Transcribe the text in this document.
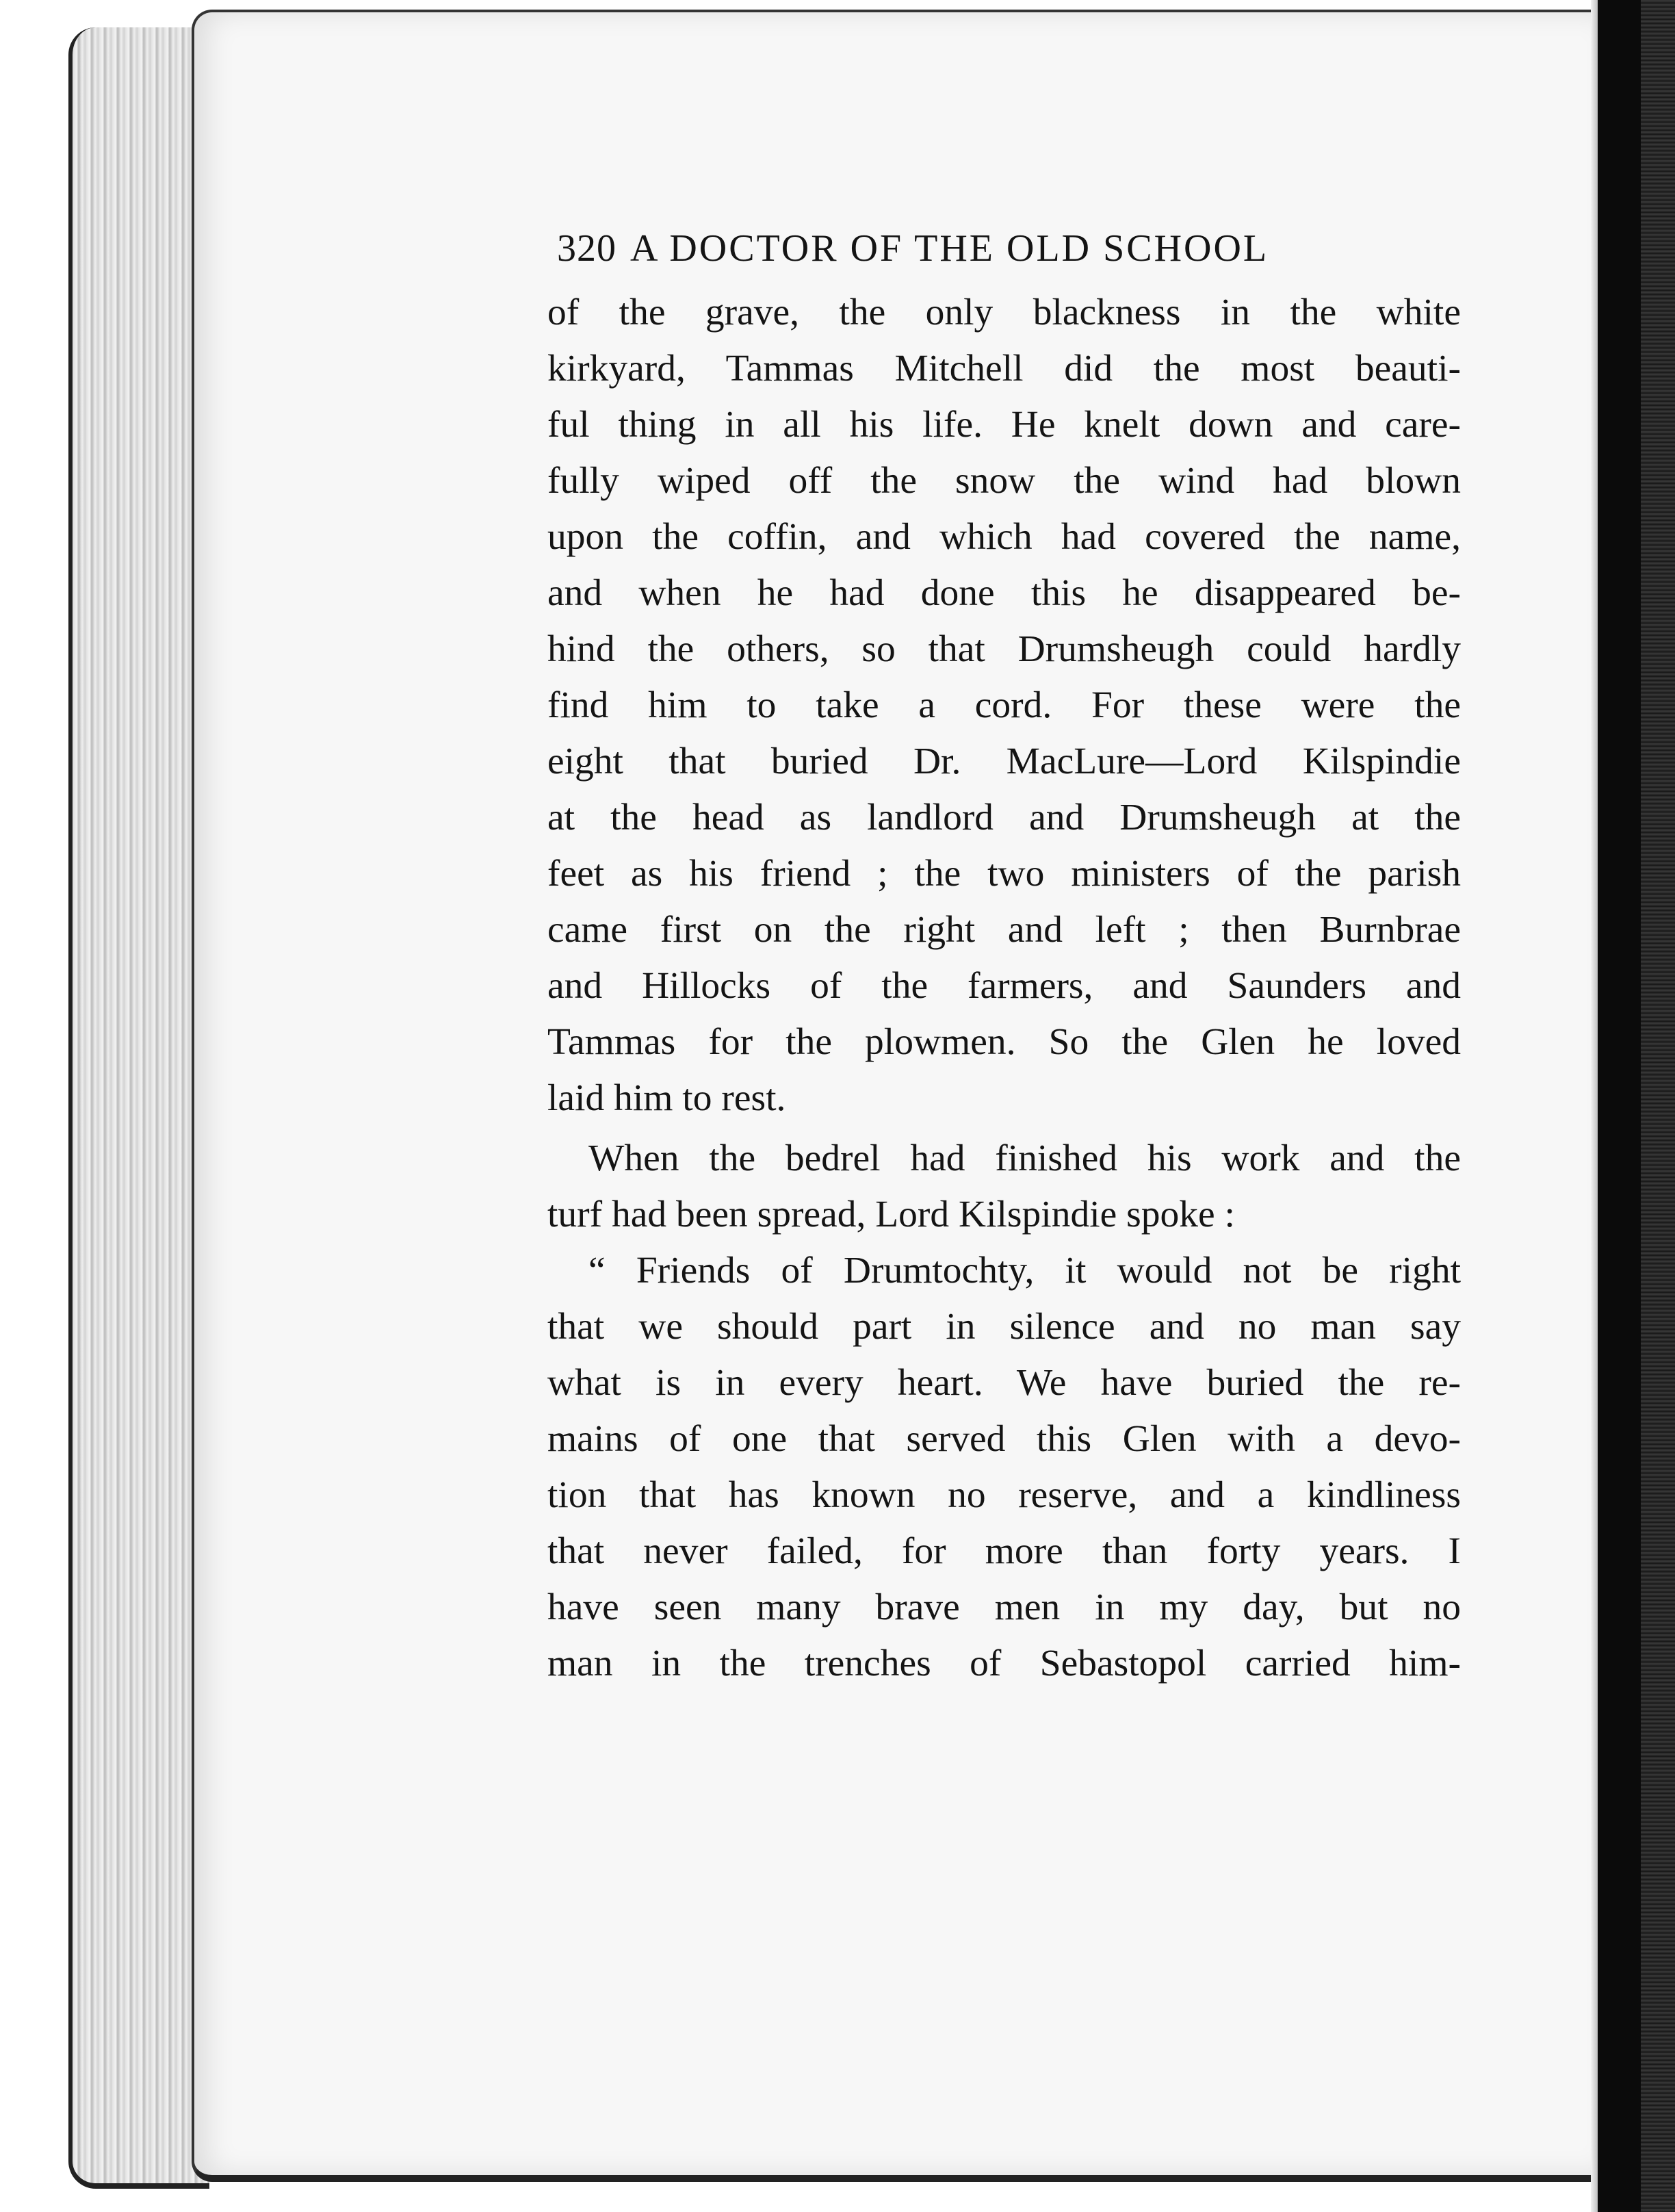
320 A DOCTOR OF THE OLD SCHOOL
of the grave, the only blackness in the white
kirkyard, Tammas Mitchell did the most beauti-
ful thing in all his life. He knelt down and care-
fully wiped off the snow the wind had blown
upon the coffin, and which had covered the name,
and when he had done this he disappeared be-
hind the others, so that Drumsheugh could hardly
find him to take a cord. For these were the
eight that buried Dr. MacLure—Lord Kilspindie
at the head as landlord and Drumsheugh at the
feet as his friend ; the two ministers of the parish
came first on the right and left ; then Burnbrae
and Hillocks of the farmers, and Saunders and
Tammas for the plowmen. So the Glen he loved
laid him to rest.
When the bedrel had finished his work and the
turf had been spread, Lord Kilspindie spoke :
“ Friends of Drumtochty, it would not be right
that we should part in silence and no man say
what is in every heart. We have buried the re-
mains of one that served this Glen with a devo-
tion that has known no reserve, and a kindliness
that never failed, for more than forty years. I
have seen many brave men in my day, but no
man in the trenches of Sebastopol carried him-
